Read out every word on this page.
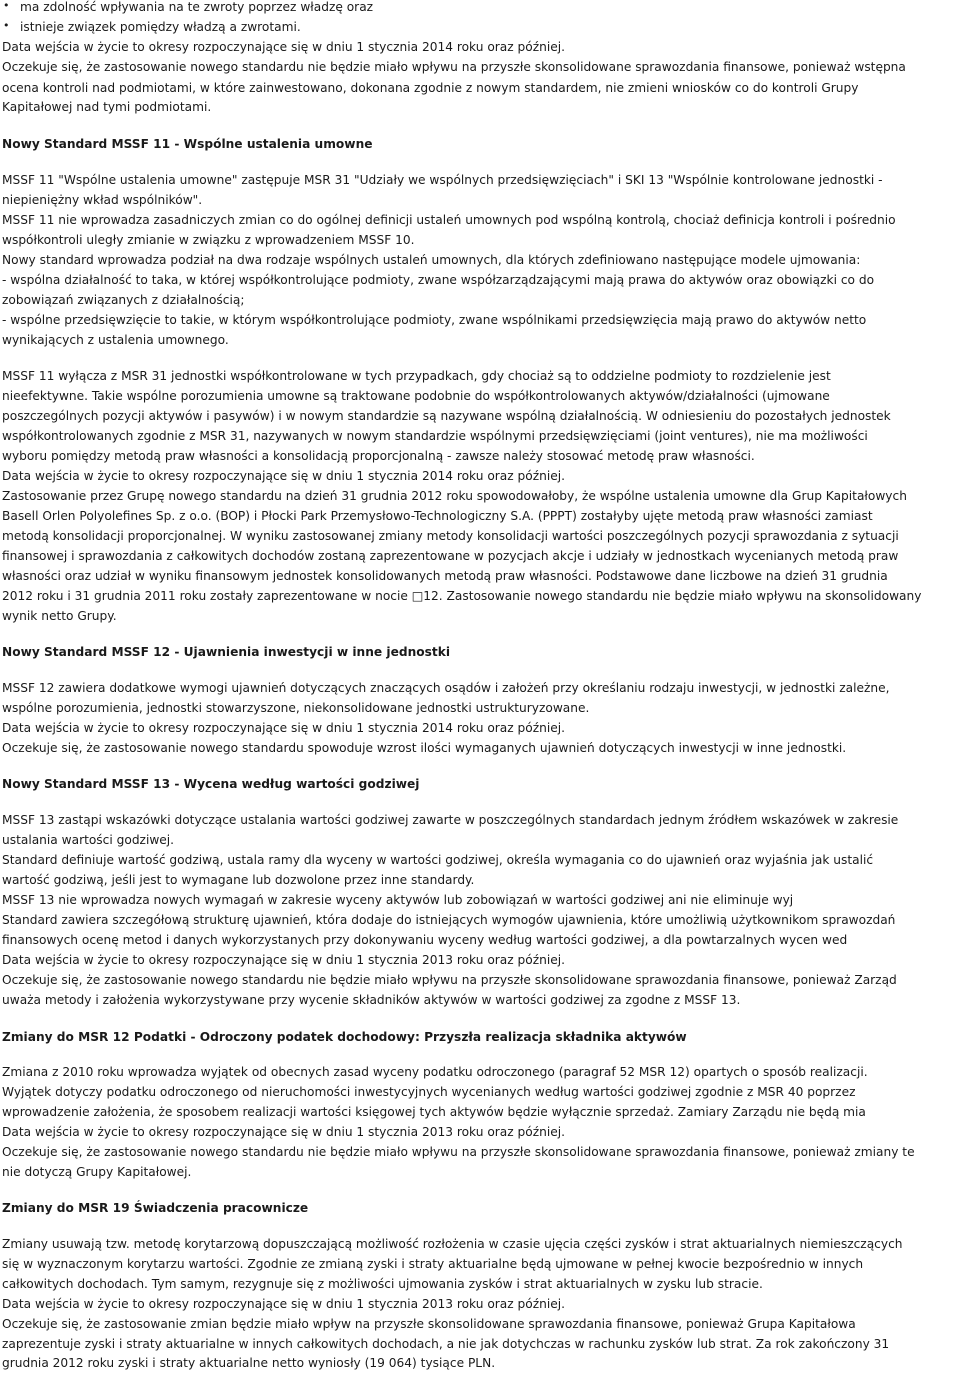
• ma zdolność wpływania na te zwroty poprzez władzę oraz
• istnieje związek pomiędzy władzą a zwrotami.
Data wejścia w życie to okresy rozpoczynające się w dniu 1 stycznia 2014 roku oraz później.
Oczekuje się, że zastosowanie nowego standardu nie będzie miało wpływu na przyszłe skonsolidowane sprawozdania finansowe, ponieważ wstępna
ocena kontroli nad podmiotami, w które zainwestowano, dokonana zgodnie z nowym standardem, nie zmieni wniosków co do kontroli Grupy
Kapitałowej nad tymi podmiotami.
Nowy Standard MSSF 11 - Wspólne ustalenia umowne
MSSF 11 "Wspólne ustalenia umowne" zastępuje MSR 31 "Udziały we wspólnych przedsięwzięciach" i SKI 13 "Wspólnie kontrolowane jednostki -
niepieniężny wkład wspólników".
MSSF 11 nie wprowadza zasadniczych zmian co do ogólnej definicji ustaleń umownych pod wspólną kontrolą, chociaż definicja kontroli i pośrednio
współkontroli uległy zmianie w związku z wprowadzeniem MSSF 10.
Nowy standard wprowadza podział na dwa rodzaje wspólnych ustaleń umownych, dla których zdefiniowano następujące modele ujmowania:
- wspólna działalność to taka, w której współkontrolujące podmioty, zwane współzarządzającymi mają prawa do aktywów oraz obowiązki co do
zobowiązań związanych z działalnością;
- wspólne przedsięwzięcie to takie, w którym współkontrolujące podmioty, zwane wspólnikami przedsięwzięcia mają prawo do aktywów netto
wynikających z ustalenia umownego.
MSSF 11 wyłącza z MSR 31 jednostki współkontrolowane w tych przypadkach, gdy chociaż są to oddzielne podmioty to rozdzielenie jest
nieefektywne. Takie wspólne porozumienia umowne są traktowane podobnie do współkontrolowanych aktywów/działalności (ujmowane
poszczególnych pozycji aktywów i pasywów) i w nowym standardzie są nazywane wspólną działalnością. W odniesieniu do pozostałych jednostek
współkontrolowanych zgodnie z MSR 31, nazywanych w nowym standardzie wspólnymi przedsięwzięciami (joint ventures), nie ma możliwości
wyboru pomiędzy metodą praw własności a konsolidacją proporcjonalną - zawsze należy stosować metodę praw własności.
Data wejścia w życie to okresy rozpoczynające się w dniu 1 stycznia 2014 roku oraz później.
Zastosowanie przez Grupę nowego standardu na dzień 31 grudnia 2012 roku spowodowałoby, że wspólne ustalenia umowne dla Grup Kapitałowych
Basell Orlen Polyolefines Sp. z o.o. (BOP) i Płocki Park Przemysłowo-Technologiczny S.A. (PPPT) zostałyby ujęte metodą praw własności zamiast
metodą konsolidacji proporcjonalnej. W wyniku zastosowanej zmiany metody konsolidacji wartości poszczególnych pozycji sprawozdania z sytuacji
finansowej i sprawozdania z całkowitych dochodów zostaną zaprezentowane w pozycjach akcje i udziały w jednostkach wycenianych metodą praw
własności oraz udział w wyniku finansowym jednostek konsolidowanych metodą praw własności. Podstawowe dane liczbowe na dzień 31 grudnia
2012 roku i 31 grudnia 2011 roku zostały zaprezentowane w nocie □12. Zastosowanie nowego standardu nie będzie miało wpływu na skonsolidowany
wynik netto Grupy.
Nowy Standard MSSF 12 - Ujawnienia inwestycji w inne jednostki
MSSF 12 zawiera dodatkowe wymogi ujawnień dotyczących znaczących osądów i założeń przy określaniu rodzaju inwestycji, w jednostki zależne,
wspólne porozumienia, jednostki stowarzyszone, niekonsolidowane jednostki ustrukturyzowane.
Data wejścia w życie to okresy rozpoczynające się w dniu 1 stycznia 2014 roku oraz później.
Oczekuje się, że zastosowanie nowego standardu spowoduje wzrost ilości wymaganych ujawnień dotyczących inwestycji w inne jednostki.
Nowy Standard MSSF 13 - Wycena według wartości godziwej
MSSF 13 zastąpi wskazówki dotyczące ustalania wartości godziwej zawarte w poszczególnych standardach jednym źródłem wskazówek w zakresie
ustalania wartości godziwej.
Standard definiuje wartość godziwą, ustala ramy dla wyceny w wartości godziwej, określa wymagania co do ujawnień oraz wyjaśnia jak ustalić
wartość godziwą, jeśli jest to wymagane lub dozwolone przez inne standardy.
MSSF 13 nie wprowadza nowych wymagań w zakresie wyceny aktywów lub zobowiązań w wartości godziwej ani nie eliminuje wyj
Standard zawiera szczegółową strukturę ujawnień, która dodaje do istniejących wymogów ujawnienia, które umożliwią użytkownikom sprawozdań
finansowych ocenę metod i danych wykorzystanych przy dokonywaniu wyceny według wartości godziwej, a dla powtarzalnych wycen wed
Data wejścia w życie to okresy rozpoczynające się w dniu 1 stycznia 2013 roku oraz później.
Oczekuje się, że zastosowanie nowego standardu nie będzie miało wpływu na przyszłe skonsolidowane sprawozdania finansowe, ponieważ Zarząd
uważa metody i założenia wykorzystywane przy wycenie składników aktywów w wartości godziwej za zgodne z MSSF 13.
Zmiany do MSR 12 Podatki - Odroczony podatek dochodowy: Przyszła realizacja składnika aktywów
Zmiana z 2010 roku wprowadza wyjątek od obecnych zasad wyceny podatku odroczonego (paragraf 52 MSR 12) opartych o sposób realizacji.
Wyjątek dotyczy podatku odroczonego od nieruchomości inwestycyjnych wycenianych według wartości godziwej zgodnie z MSR 40 poprzez
wprowadzenie założenia, że sposobem realizacji wartości księgowej tych aktywów będzie wyłącznie sprzedaż. Zamiary Zarządu nie będą mia
Data wejścia w życie to okresy rozpoczynające się w dniu 1 stycznia 2013 roku oraz później.
Oczekuje się, że zastosowanie nowego standardu nie będzie miało wpływu na przyszłe skonsolidowane sprawozdania finansowe, ponieważ zmiany te
nie dotyczą Grupy Kapitałowej.
Zmiany do MSR 19 Świadczenia pracownicze
Zmiany usuwają tzw. metodę korytarzową dopuszczającą możliwość rozłożenia w czasie ujęcia części zysków i strat aktuarialnych niemieszczących
się w wyznaczonym korytarzu wartości. Zgodnie ze zmianą zyski i straty aktuarialne będą ujmowane w pełnej kwocie bezpośrednio w innych
całkowitych dochodach. Tym samym, rezygnuje się z możliwości ujmowania zysków i strat aktuarialnych w zysku lub stracie.
Data wejścia w życie to okresy rozpoczynające się w dniu 1 stycznia 2013 roku oraz później.
Oczekuje się, że zastosowanie zmian będzie miało wpływ na przyszłe skonsolidowane sprawozdania finansowe, ponieważ Grupa Kapitałowa
zaprezentuje zyski i straty aktuarialne w innych całkowitych dochodach, a nie jak dotychczas w rachunku zysków lub strat. Za rok zakończony 31
grudnia 2012 roku zyski i straty aktuarialne netto wyniosły (19 064) tysiące PLN.
